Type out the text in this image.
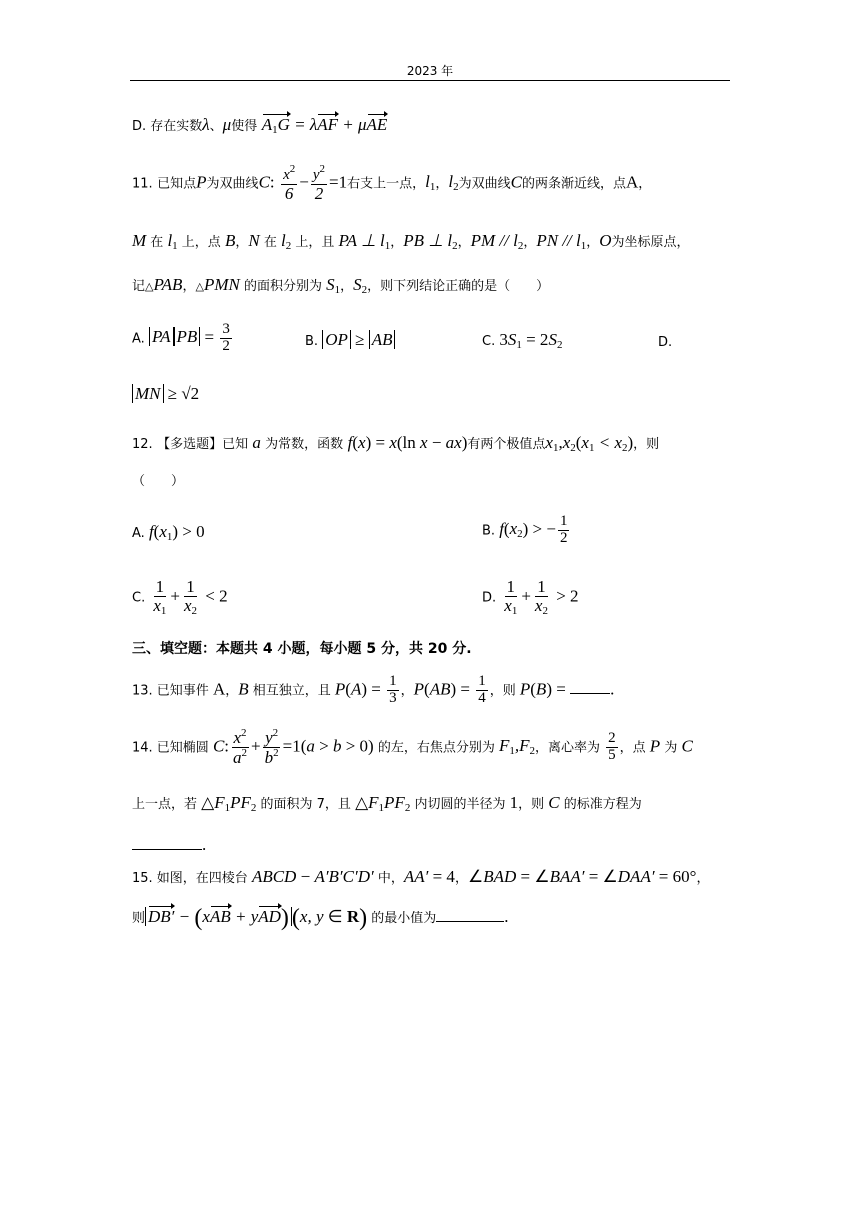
2023 年
D. 存在实数λ、μ使得 A1G = λAF + μAE
11. 已知点P为双曲线C: $\frac{x^2}{6} - \frac{y^2}{2} =1$右支上一点，l1，l2为双曲线C的两条渐近线，点A，
M 在 l1 上，点 B，N 在 l2 上，且 PA ⊥ l1，PB ⊥ l2，PM // l2，PN // l1，O为坐标原点，
记△PAB，△PMN 的面积分别为 S1，S2，则下列结论正确的是（　　）
A. PA PB = $\frac{3}{2}$	B. OP ≥ AB	C. 3S1 = 2S2	D.
MN ≥ √2
12. 【多选题】已知 a 为常数，函数 f(x) = x(ln x − ax)有两个极值点x1,x2(x1 < x2)，则
（　　）
A. f(x1) > 0	B. f(x2) > − $\frac{1}{2}$
C. $\frac{1}{x1} + \frac{1}{x2} < 2$	D. $\frac{1}{x1} + \frac{1}{x2} > 2$
三、填空题：本题共 4 小题，每小题 5 分，共 20 分.
13. 已知事件 A，B 相互独立，且 $P(A) = \frac{1}{3}$ ，$P(AB) = \frac{1}{4}$ ，则 P(B) = .
14. 已知椭圆 C: $\frac{x^2}{a^2} + \frac{y^2}{b^2} =1(a > b > 0)$ 的左，右焦点分别为 F1,F2，离心率为 $\frac{2}{5}$ ，点 P 为 C
上一点，若 △F1PF2 的面积为 7，且 △F1PF2 内切圆的半径为 1，则 C 的标准方程为
.
15. 如图，在四棱台 ABCD − A′B′C′D′ 中，AA′ = 4，∠BAD = ∠BAA′ = ∠DAA′ = 60°，
则 DB′ − (xAB + yAD) (x, y ∈ R) 的最小值为	.
